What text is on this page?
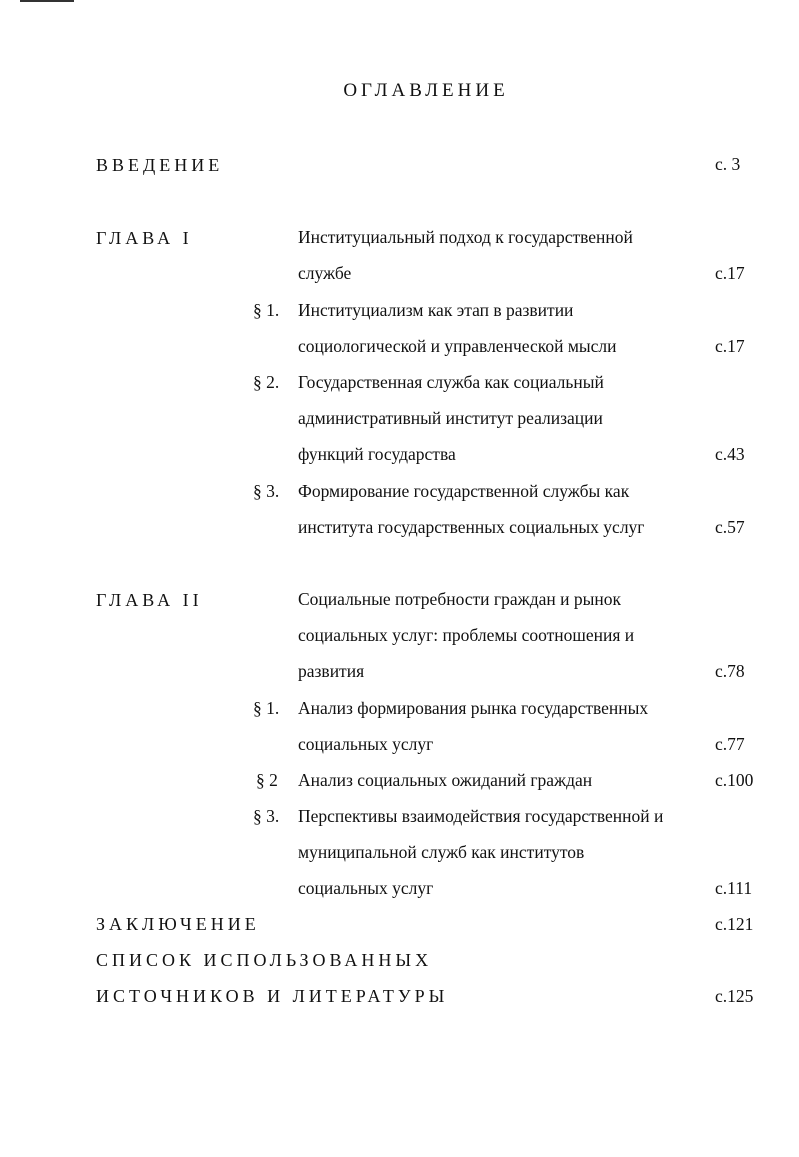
ОГЛАВЛЕНИЕ
ВВЕДЕНИЕ	с. 3
ГЛАВА I	Институциальный подход к государственной
службе	с.17
§ 1. Институциализм как этап в развитии
социологической и управленческой мысли	с.17
§ 2. Государственная служба как социальный
административный институт реализации
функций государства	с.43
§ 3. Формирование государственной службы как
института государственных социальных услуг	с.57
ГЛАВА II	Социальные потребности граждан и рынок
социальных услуг: проблемы соотношения и
развития	с.78
§ 1. Анализ формирования рынка государственных
социальных услуг	с.77
§ 2 Анализ социальных ожиданий граждан	с.100
§ 3. Перспективы взаимодействия государственной и
муниципальной служб как институтов
социальных услуг	с.111
ЗАКЛЮЧЕНИЕ	с.121
СПИСОК ИСПОЛЬЗОВАННЫХ
ИСТОЧНИКОВ И ЛИТЕРАТУРЫ	с.125
